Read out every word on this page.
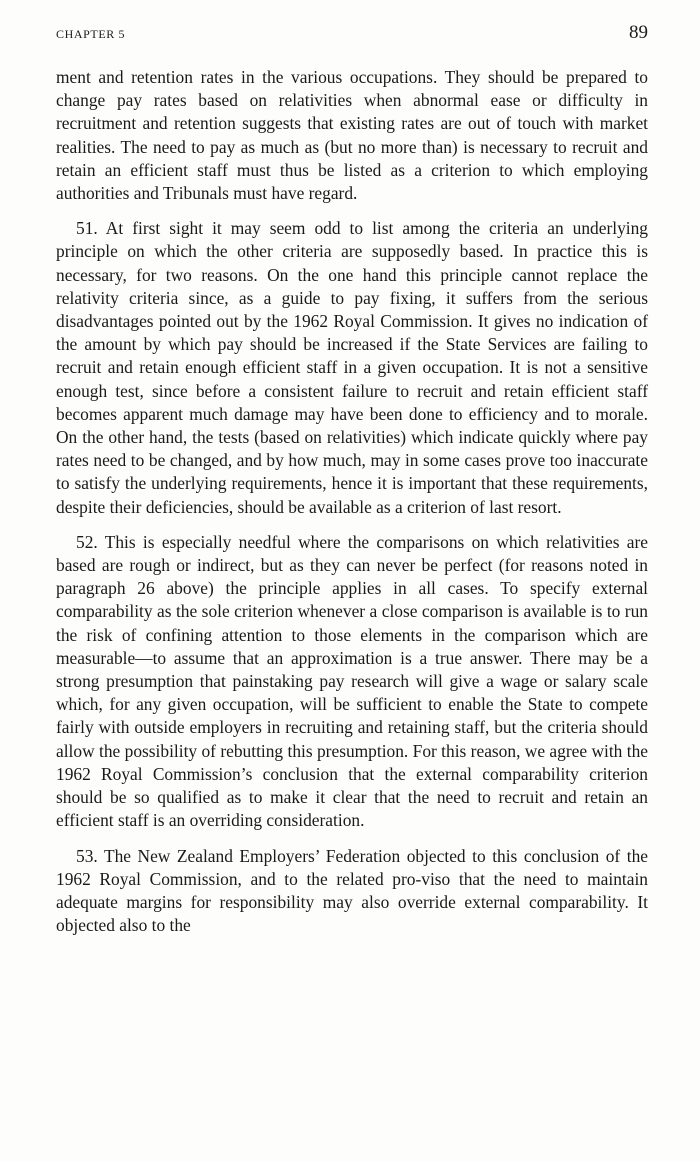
CHAPTER 5	89

ment and retention rates in the various occupations. They should be prepared to change pay rates based on relativities when abnormal ease or difficulty in recruitment and retention suggests that existing rates are out of touch with market realities. The need to pay as much as (but no more than) is necessary to recruit and retain an efficient staff must thus be listed as a criterion to which employing authorities and Tribunals must have regard.

51. At first sight it may seem odd to list among the criteria an underlying principle on which the other criteria are supposedly based. In practice this is necessary, for two reasons. On the one hand this principle cannot replace the relativity criteria since, as a guide to pay fixing, it suffers from the serious disadvantages pointed out by the 1962 Royal Commission. It gives no indication of the amount by which pay should be increased if the State Services are failing to recruit and retain enough efficient staff in a given occupation. It is not a sensitive enough test, since before a consistent failure to recruit and retain efficient staff becomes apparent much damage may have been done to efficiency and to morale. On the other hand, the tests (based on relativities) which indicate quickly where pay rates need to be changed, and by how much, may in some cases prove too inaccurate to satisfy the underlying requirements, hence it is important that these requirements, despite their deficiencies, should be available as a criterion of last resort.

52. This is especially needful where the comparisons on which relativities are based are rough or indirect, but as they can never be perfect (for reasons noted in paragraph 26 above) the principle applies in all cases. To specify external comparability as the sole criterion whenever a close comparison is available is to run the risk of confining attention to those elements in the comparison which are measurable—to assume that an approximation is a true answer. There may be a strong presumption that painstaking pay research will give a wage or salary scale which, for any given occupation, will be sufficient to enable the State to compete fairly with outside employers in recruiting and retaining staff, but the criteria should allow the possibility of rebutting this presumption. For this reason, we agree with the 1962 Royal Commission’s conclusion that the external comparability criterion should be so qualified as to make it clear that the need to recruit and retain an efficient staff is an overriding consideration.

53. The New Zealand Employers’ Federation objected to this conclusion of the 1962 Royal Commission, and to the related pro-viso that the need to maintain adequate margins for responsibility may also override external comparability. It objected also to the
